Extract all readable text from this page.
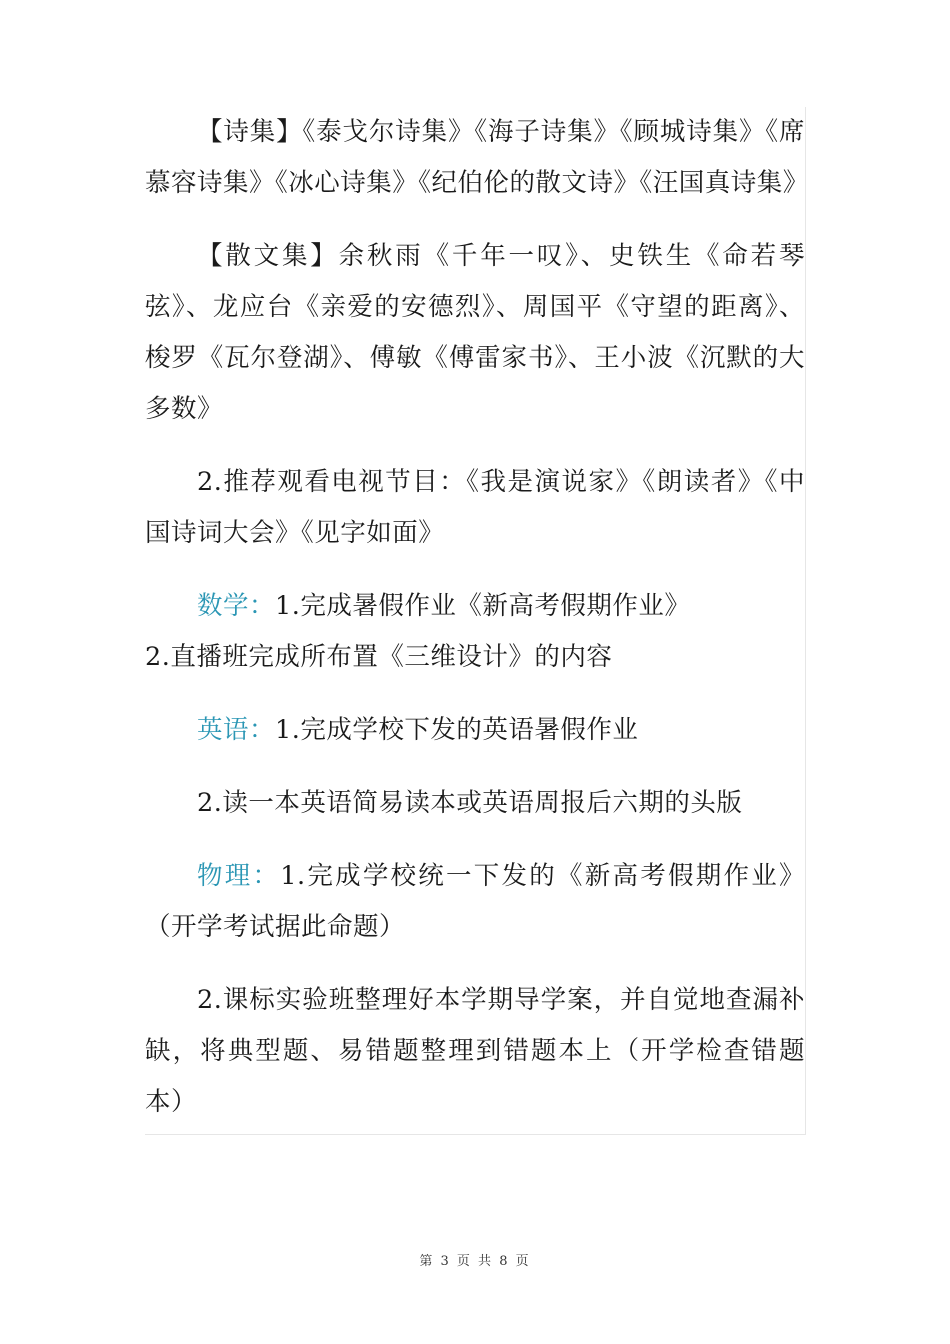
【诗集】《泰戈尔诗集》《海子诗集》《顾城诗集》《席慕容诗集》《冰心诗集》《纪伯伦的散文诗》《汪国真诗集》

【散文集】余秋雨《千年一叹》、史铁生《命若琴弦》、龙应台《亲爱的安德烈》、周国平《守望的距离》、梭罗《瓦尔登湖》、傅敏《傅雷家书》、王小波《沉默的大多数》

2.推荐观看电视节目：《我是演说家》《朗读者》《中国诗词大会》《见字如面》

数学：1.完成暑假作业《新高考假期作业》

2.直播班完成所布置《三维设计》的内容

英语：1.完成学校下发的英语暑假作业

2.读一本英语简易读本或英语周报后六期的头版

物理：1.完成学校统一下发的《新高考假期作业》（开学考试据此命题）

2.课标实验班整理好本学期导学案，并自觉地查漏补缺，将典型题、易错题整理到错题本上（开学检查错题本）

第 3 页 共 8 页
